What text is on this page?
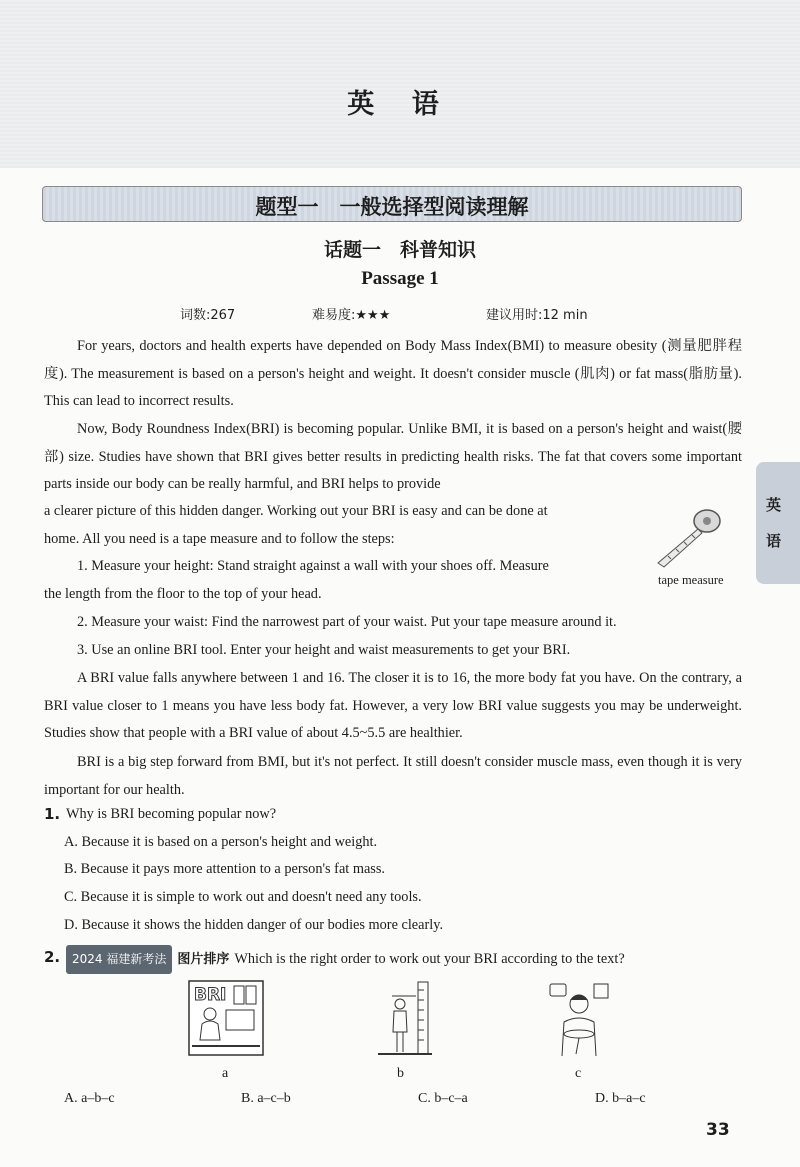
英 语
题型一　一般选择型阅读理解
话题一　科普知识
Passage 1
词数:267	难易度:★★★	建议用时:12 min

For years, doctors and health experts have depended on Body Mass Index(BMI) to measure obesity (测量肥胖程度). The measurement is based on a person's height and weight. It doesn't consider muscle (肌肉) or fat mass(脂肪量). This can lead to incorrect results.

Now, Body Roundness Index(BRI) is becoming popular. Unlike BMI, it is based on a person's height and waist(腰部) size. Studies have shown that BRI gives better results in predicting health risks. The fat that covers some important parts inside our body can be really harmful, and BRI helps to provide

a clearer picture of this hidden danger. Working out your BRI is easy and can be done at

home. All you need is a tape measure and to follow the steps:

1. Measure your height: Stand straight against a wall with your shoes off. Measure

the length from the floor to the top of your head.

2. Measure your waist: Find the narrowest part of your waist. Put your tape measure around it.

3. Use an online BRI tool. Enter your height and waist measurements to get your BRI.

A BRI value falls anywhere between 1 and 16. The closer it is to 16, the more body fat you have. On the contrary, a BRI value closer to 1 means you have less body fat. However, a very low BRI value suggests you may be underweight. Studies show that people with a BRI value of about 4.5~5.5 are healthier.

BRI is a big step forward from BMI, but it's not perfect. It still doesn't consider muscle mass, even though it is very important for our health.

tape measure
英
语
1. Why is BRI becoming popular now?
A. Because it is based on a person's height and weight.
B. Because it pays more attention to a person's fat mass.
C. Because it is simple to work out and doesn't need any tools.
D. Because it shows the hidden danger of our bodies more clearly.
2. 2024 福建新考法 图片排序 Which is the right order to work out your BRI according to the text?
BRI
a	b	c
A. a–b–c	B. a–c–b	C. b–c–a	D. b–a–c
33
